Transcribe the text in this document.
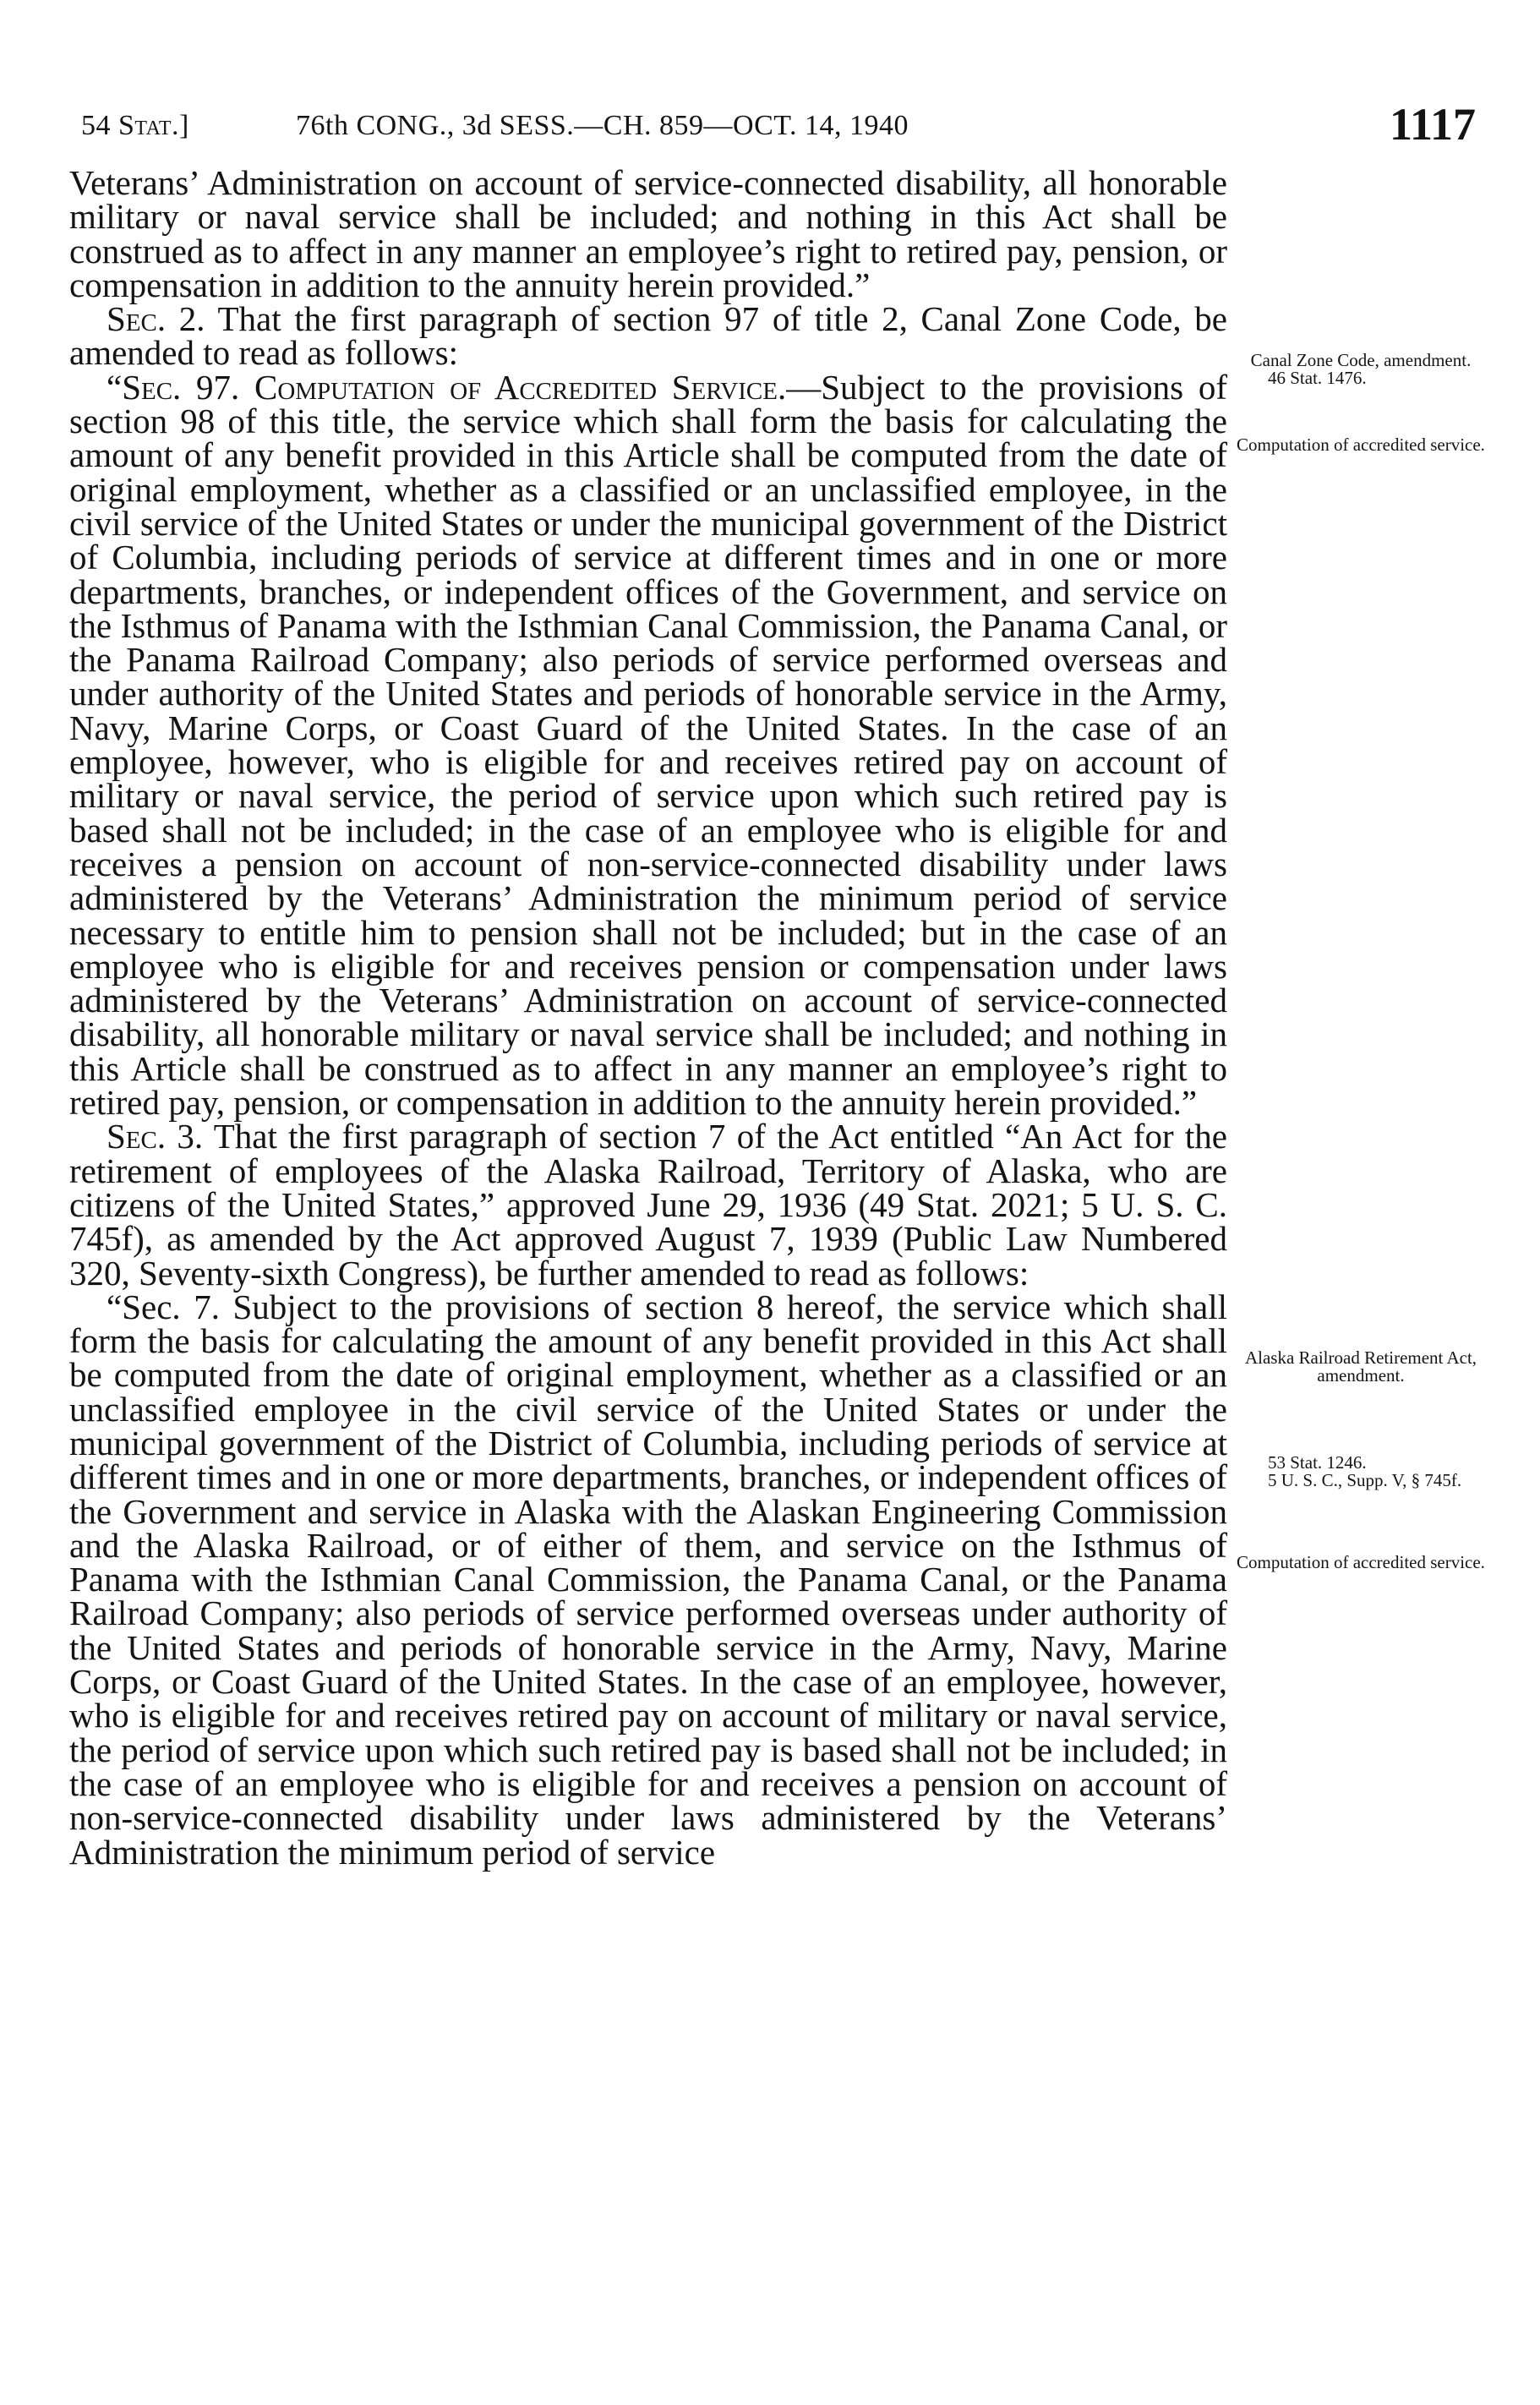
54 Stat.]	76th CONG., 3d SESS.—CH. 859—OCT. 14, 1940	1117

Veterans’ Administration on account of service-connected disability, all honorable military or naval service shall be included; and nothing in this Act shall be construed as to affect in any manner an employee’s right to retired pay, pension, or compensation in addition to the annuity herein provided.”

Sec. 2. That the first paragraph of section 97 of title 2, Canal Zone Code, be amended to read as follows:

“Sec. 97. Computation of Accredited Service.—Subject to the provisions of section 98 of this title, the service which shall form the basis for calculating the amount of any benefit provided in this Article shall be computed from the date of original employment, whether as a classified or an unclassified employee, in the civil service of the United States or under the municipal government of the District of Columbia, including periods of service at different times and in one or more departments, branches, or independent offices of the Government, and service on the Isthmus of Panama with the Isthmian Canal Commission, the Panama Canal, or the Panama Railroad Company; also periods of service performed overseas and under authority of the United States and periods of honorable service in the Army, Navy, Marine Corps, or Coast Guard of the United States. In the case of an employee, however, who is eligible for and receives retired pay on account of military or naval service, the period of service upon which such retired pay is based shall not be included; in the case of an employee who is eligible for and receives a pension on account of non-service-connected disability under laws administered by the Veterans’ Administration the minimum period of service necessary to entitle him to pension shall not be included; but in the case of an employee who is eligible for and receives pension or compensation under laws administered by the Veterans’ Administration on account of service-connected disability, all honorable military or naval service shall be included; and nothing in this Article shall be construed as to affect in any manner an employee’s right to retired pay, pension, or compensation in addition to the annuity herein provided.”

Sec. 3. That the first paragraph of section 7 of the Act entitled “An Act for the retirement of employees of the Alaska Railroad, Territory of Alaska, who are citizens of the United States,” approved June 29, 1936 (49 Stat. 2021; 5 U. S. C. 745f), as amended by the Act approved August 7, 1939 (Public Law Numbered 320, Seventy-sixth Congress), be further amended to read as follows:

“Sec. 7. Subject to the provisions of section 8 hereof, the service which shall form the basis for calculating the amount of any benefit provided in this Act shall be computed from the date of original employment, whether as a classified or an unclassified employee in the civil service of the United States or under the municipal government of the District of Columbia, including periods of service at different times and in one or more departments, branches, or independent offices of the Government and service in Alaska with the Alaskan Engineering Commission and the Alaska Railroad, or of either of them, and service on the Isthmus of Panama with the Isthmian Canal Commission, the Panama Canal, or the Panama Railroad Company; also periods of service performed overseas under authority of the United States and periods of honorable service in the Army, Navy, Marine Corps, or Coast Guard of the United States. In the case of an employee, however, who is eligible for and receives retired pay on account of military or naval service, the period of service upon which such retired pay is based shall not be included; in the case of an employee who is eligible for and receives a pension on account of non-service-connected disability under laws administered by the Veterans’ Administration the minimum period of service

Canal Zone Code, amendment.
46 Stat. 1476.
Computation of accredited service.
Alaska Railroad Retirement Act, amendment.
53 Stat. 1246.
5 U. S. C., Supp. V, § 745f.
Computation of accredited service.
